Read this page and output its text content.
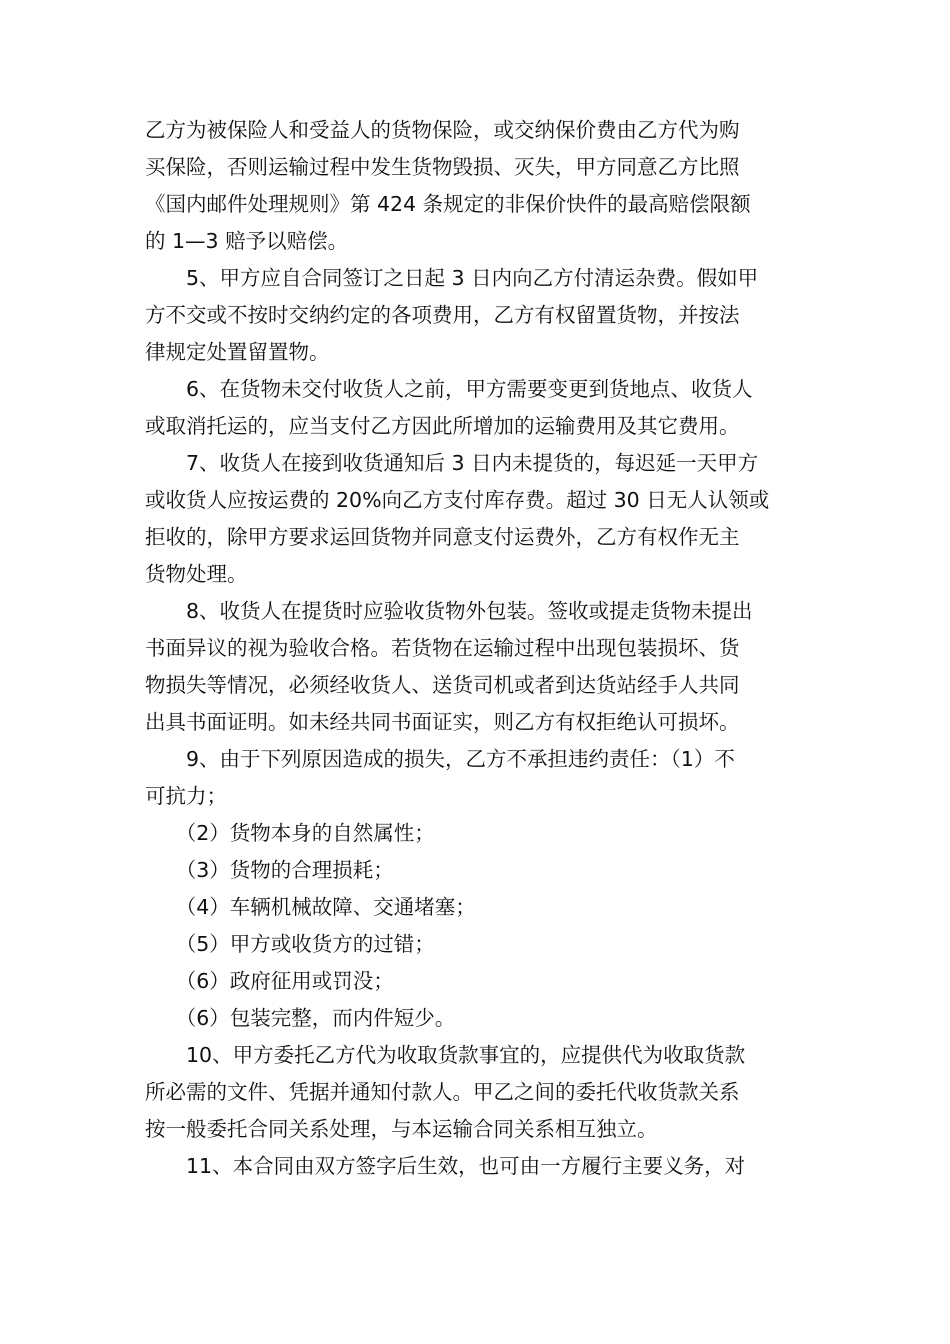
乙方为被保险人和受益人的货物保险，或交纳保价费由乙方代为购
买保险，否则运输过程中发生货物毁损、灭失，甲方同意乙方比照
《国内邮件处理规则》第 424 条规定的非保价快件的最高赔偿限额
的 1—3 赔予以赔偿。
　　5、甲方应自合同签订之日起 3 日内向乙方付清运杂费。假如甲
方不交或不按时交纳约定的各项费用，乙方有权留置货物，并按法
律规定处置留置物。
　　6、在货物未交付收货人之前，甲方需要变更到货地点、收货人
或取消托运的，应当支付乙方因此所增加的运输费用及其它费用。
　　7、收货人在接到收货通知后 3 日内未提货的，每迟延一天甲方
或收货人应按运费的 20%向乙方支付库存费。超过 30 日无人认领或
拒收的，除甲方要求运回货物并同意支付运费外，乙方有权作无主
货物处理。
　　8、收货人在提货时应验收货物外包装。签收或提走货物未提出
书面异议的视为验收合格。若货物在运输过程中出现包装损坏、货
物损失等情况，必须经收货人、送货司机或者到达货站经手人共同
出具书面证明。如未经共同书面证实，则乙方有权拒绝认可损坏。
　　9、由于下列原因造成的损失，乙方不承担违约责任：（1）不
可抗力；
　　（2）货物本身的自然属性；
　　（3）货物的合理损耗；
　　（4）车辆机械故障、交通堵塞；
　　（5）甲方或收货方的过错；
　　（6）政府征用或罚没；
　　（6）包装完整，而内件短少。
　　10、甲方委托乙方代为收取货款事宜的，应提供代为收取货款
所必需的文件、凭据并通知付款人。甲乙之间的委托代收货款关系
按一般委托合同关系处理，与本运输合同关系相互独立。
　　11、本合同由双方签字后生效，也可由一方履行主要义务，对
